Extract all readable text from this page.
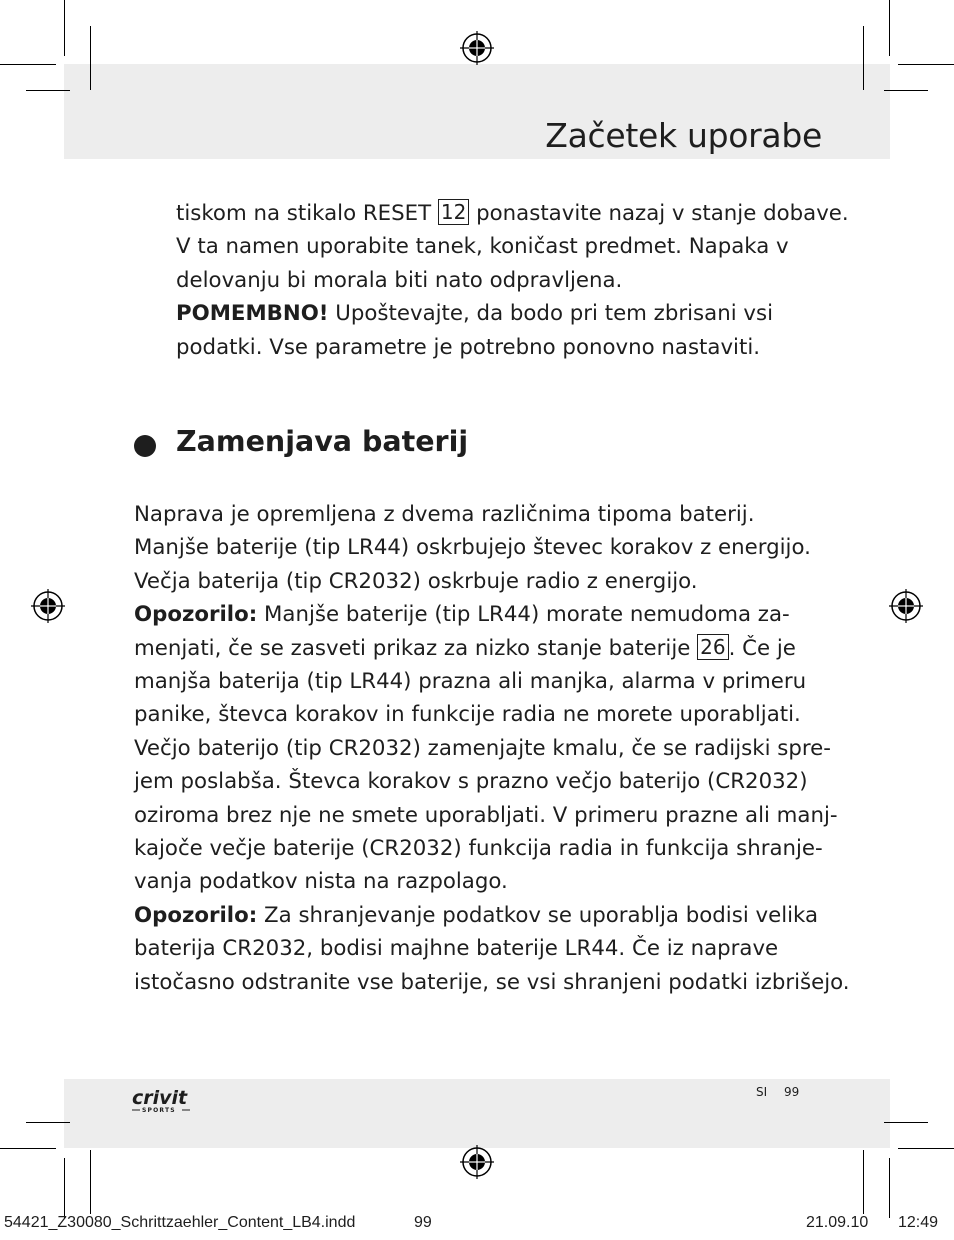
Začetek uporabe
tiskom na stikalo RESET 12 ponastavite nazaj v stanje dobave.
V ta namen uporabite tanek, koničast predmet. Napaka v
delovanju bi morala biti nato odpravljena.
POMEMBNO! Upoštevajte, da bodo pri tem zbrisani vsi
podatki. Vse parametre je potrebno ponovno nastaviti.
Zamenjava baterij
Naprava je opremljena z dvema različnima tipoma baterij.
Manjše baterije (tip LR44) oskrbujejo števec korakov z energijo.
Večja baterija (tip CR2032) oskrbuje radio z energijo.
Opozorilo: Manjše baterije (tip LR44) morate nemudoma za-
menjati, če se zasveti prikaz za nizko stanje baterije 26 . Če je
manjša baterija (tip LR44) prazna ali manjka, alarma v primeru
panike, števca korakov in funkcije radia ne morete uporabljati.
Večjo baterijo (tip CR2032) zamenjajte kmalu, če se radijski spre-
jem poslabša. Števca korakov s prazno večjo baterijo (CR2032)
oziroma brez nje ne smete uporabljati. V primeru prazne ali manj-
kajoče večje baterije (CR2032) funkcija radia in funkcija shranje-
vanja podatkov nista na razpolago.
Opozorilo: Za shranjevanje podatkov se uporablja bodisi velika
baterija CR2032, bodisi majhne baterije LR44. Če iz naprave
istočasno odstranite vse baterije, se vsi shranjeni podatki izbrišejo.
crivit
SPORTS
SI 99
54421_Z30080_Schrittzaehler_Content_LB4.indd	99	21.09.10 12:49
